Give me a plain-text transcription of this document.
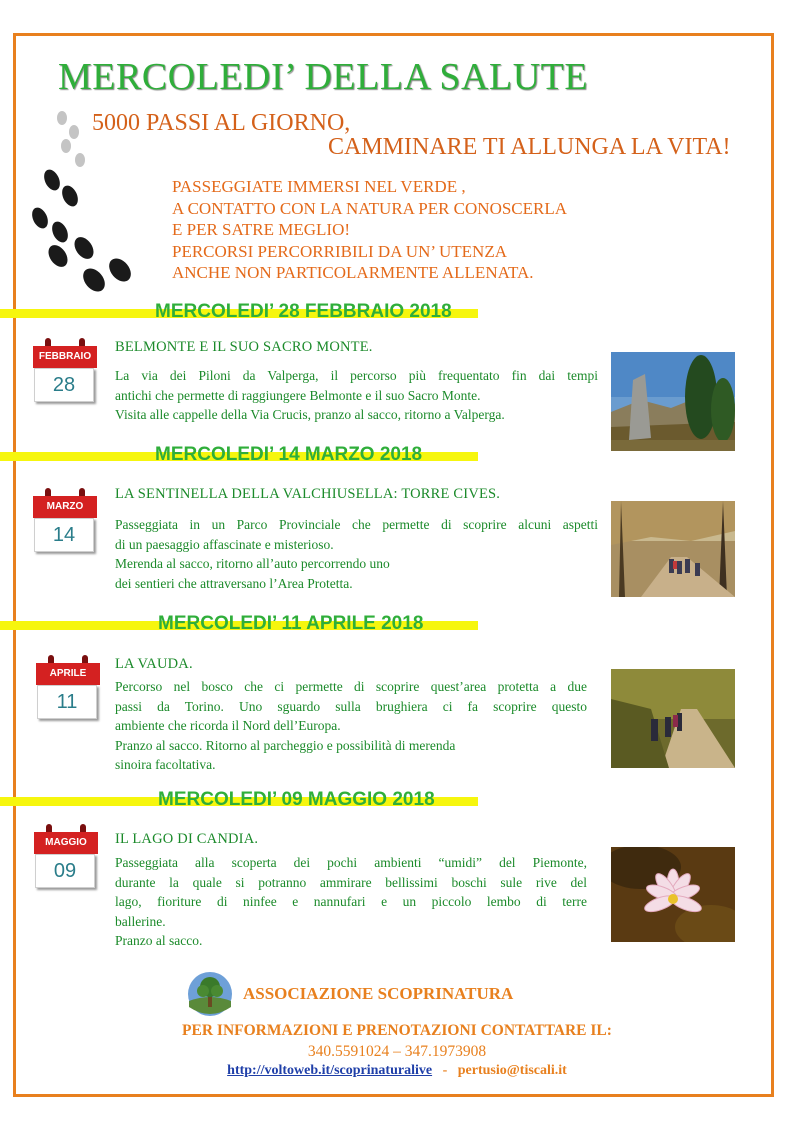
MERCOLEDI’ DELLA SALUTE
5000 PASSI AL GIORNO,
CAMMINARE TI ALLUNGA LA VITA!
PASSEGGIATE IMMERSI NEL VERDE ,
A CONTATTO CON LA NATURA PER CONOSCERLA
E PER SATRE MEGLIO!
PERCORSI PERCORRIBILI DA UN’ UTENZA
ANCHE NON PARTICOLARMENTE ALLENATA.
MERCOLEDI’ 28 FEBBRAIO 2018
FEBBRAIO
28
BELMONTE E IL SUO SACRO MONTE.
La via dei Piloni da Valperga, il percorso più frequentato fin dai tempi
antichi che permette di raggiungere Belmonte e il suo Sacro Monte.
Visita alle cappelle della Via Crucis, pranzo al sacco, ritorno a Valperga.
MERCOLEDI’ 14 MARZO 2018
MARZO
14
LA SENTINELLA DELLA VALCHIUSELLA: TORRE CIVES.
Passeggiata in un Parco Provinciale che permette di scoprire alcuni aspetti
di un paesaggio affascinate e misterioso.
Merenda al sacco, ritorno all’auto percorrendo uno
dei sentieri che attraversano l’Area Protetta.
MERCOLEDI’ 11 APRILE 2018
APRILE
11
LA VAUDA.
Percorso nel bosco che ci permette di scoprire quest’area protetta a due
passi da Torino. Uno sguardo sulla brughiera ci fa scoprire questo
ambiente che ricorda il Nord dell’Europa.
Pranzo al sacco. Ritorno al parcheggio e possibilità di merenda
sinoira facoltativa.
MERCOLEDI’ 09 MAGGIO 2018
MAGGIO
09
IL LAGO DI CANDIA.
Passeggiata alla scoperta dei pochi ambienti “umidi” del Piemonte,
durante la quale si potranno ammirare bellissimi boschi sule rive del
lago, fioriture di ninfee e nannufari e un piccolo lembo di terre
ballerine.
Pranzo al sacco.
ASSOCIAZIONE SCOPRINATURA
PER INFORMAZIONI E PRENOTAZIONI CONTATTARE IL:
340.5591024 – 347.1973908
http://voltoweb.it/scoprinaturalive - pertusio@tiscali.it
